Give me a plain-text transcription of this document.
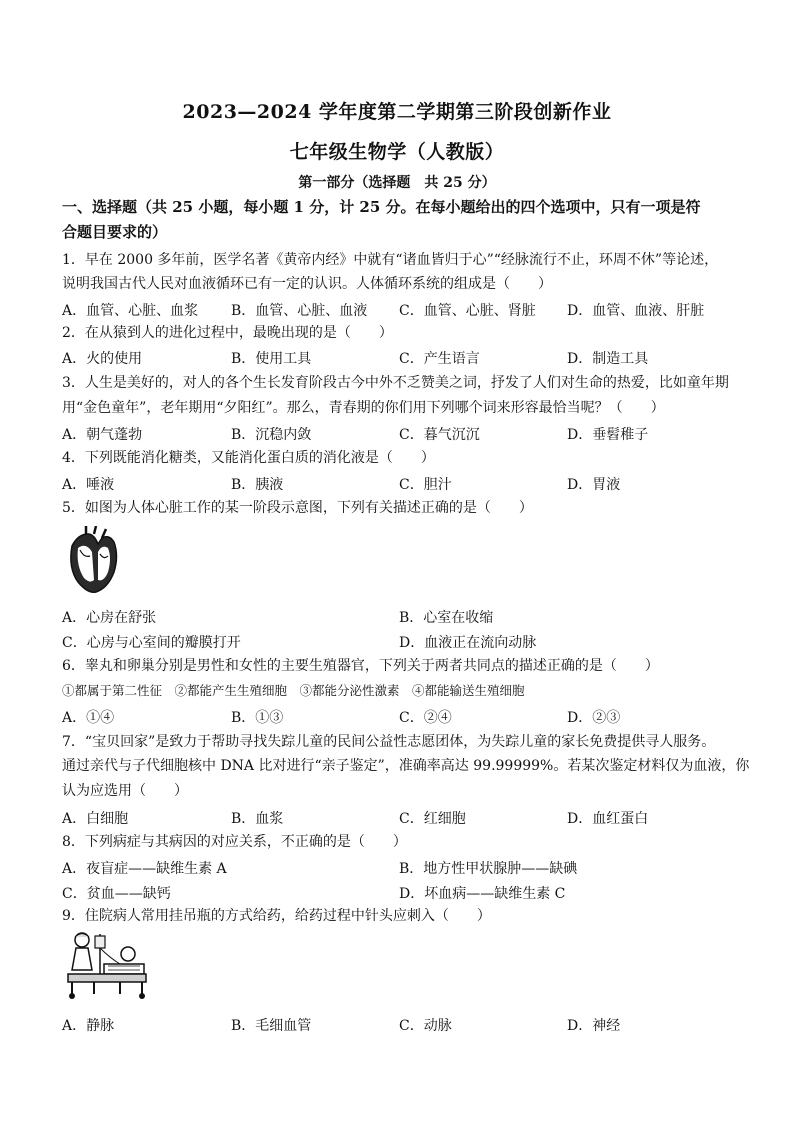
2023—2024 学年度第二学期第三阶段创新作业
七年级生物学（人教版）
第一部分（选择题　共 25 分）
一、选择题（共 25 小题，每小题 1 分，计 25 分。在每小题给出的四个选项中，只有一项是符
合题目要求的）
1．早在 2000 多年前，医学名著《黄帝内经》中就有“诸血皆归于心”“经脉流行不止，环周不休”等论述，
说明我国古代人民对血液循环已有一定的认识。人体循环系统的组成是（　　）
A．血管、心脏、血浆 B．血管、心脏、血液 C．血管、心脏、肾脏 D．血管、血液、肝脏
2．在从猿到人的进化过程中，最晚出现的是（　　）
A．火的使用	B．使用工具	C．产生语言	D．制造工具
3．人生是美好的，对人的各个生长发育阶段古今中外不乏赞美之词，抒发了人们对生命的热爱，比如童年期
用“金色童年”，老年期用“夕阳红”。那么，青春期的你们用下列哪个词来形容最恰当呢？（　　）
A．朝气蓬勃	B．沉稳内敛	C．暮气沉沉	D．垂髫稚子
4．下列既能消化糖类，又能消化蛋白质的消化液是（　　）
A．唾液	B．胰液	C．胆汁	D．胃液
5．如图为人体心脏工作的某一阶段示意图，下列有关描述正确的是（　　）
A．心房在舒张	B．心室在收缩
C．心房与心室间的瓣膜打开	D．血液正在流向动脉
6．睾丸和卵巢分别是男性和女性的主要生殖器官，下列关于两者共同点的描述正确的是（　　）
①都属于第二性征　②都能产生生殖细胞　③都能分泌性激素　④都能输送生殖细胞
A．①④	B．①③	C．②④	D．②③
7．“宝贝回家”是致力于帮助寻找失踪儿童的民间公益性志愿团体，为失踪儿童的家长免费提供寻人服务。
通过亲代与子代细胞核中 DNA 比对进行“亲子鉴定”，准确率高达 99.99999%。若某次鉴定材料仅为血液，你
认为应选用（　　）
A．白细胞	B．血浆	C．红细胞	D．血红蛋白
8．下列病症与其病因的对应关系，不正确的是（　　）
A．夜盲症——缺维生素 A	B．地方性甲状腺肿——缺碘
C．贫血——缺钙	D．坏血病——缺维生素 C
9．住院病人常用挂吊瓶的方式给药，给药过程中针头应刺入（　　）
A．静脉	B．毛细血管	C．动脉	D．神经
